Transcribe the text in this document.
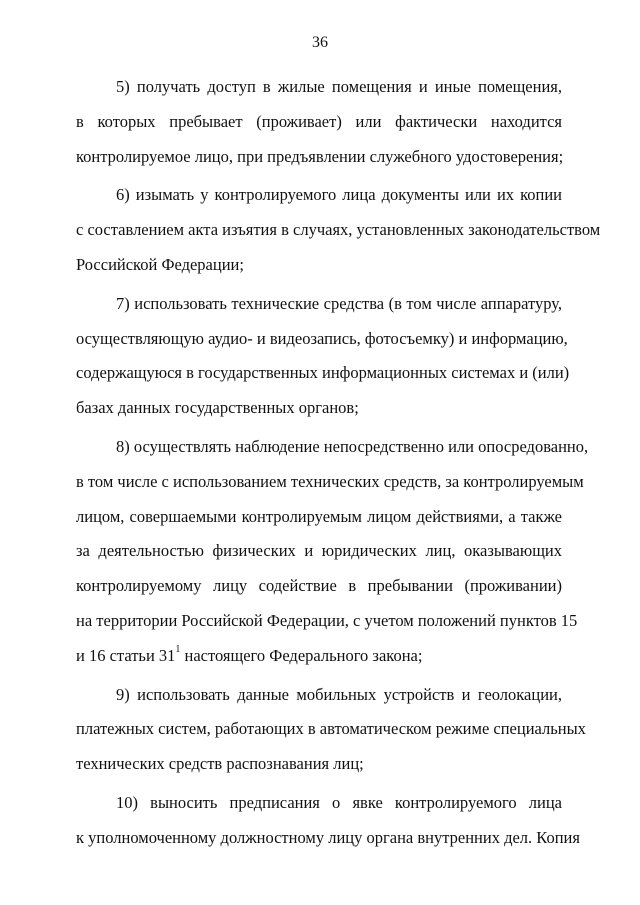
36
5) получать доступ в жилые помещения и иные помещения,
в которых пребывает (проживает) или фактически находится
контролируемое лицо, при предъявлении служебного удостоверения;
6) изымать у контролируемого лица документы или их копии
с составлением акта изъятия в случаях, установленных законодательством
Российской Федерации;
7) использовать технические средства (в том числе аппаратуру,
осуществляющую аудио- и видеозапись, фотосъемку) и информацию,
содержащуюся в государственных информационных системах и (или)
базах данных государственных органов;
8) осуществлять наблюдение непосредственно или опосредованно,
в том числе с использованием технических средств, за контролируемым
лицом, совершаемыми контролируемым лицом действиями, а также
за деятельностью физических и юридических лиц, оказывающих
контролируемому лицу содействие в пребывании (проживании)
на территории Российской Федерации, с учетом положений пунктов 15
и 16 статьи $31^1$ настоящего Федерального закона;
9) использовать данные мобильных устройств и геолокации,
платежных систем, работающих в автоматическом режиме специальных
технических средств распознавания лиц;
10) выносить предписания о явке контролируемого лица
к уполномоченному должностному лицу органа внутренних дел. Копия
